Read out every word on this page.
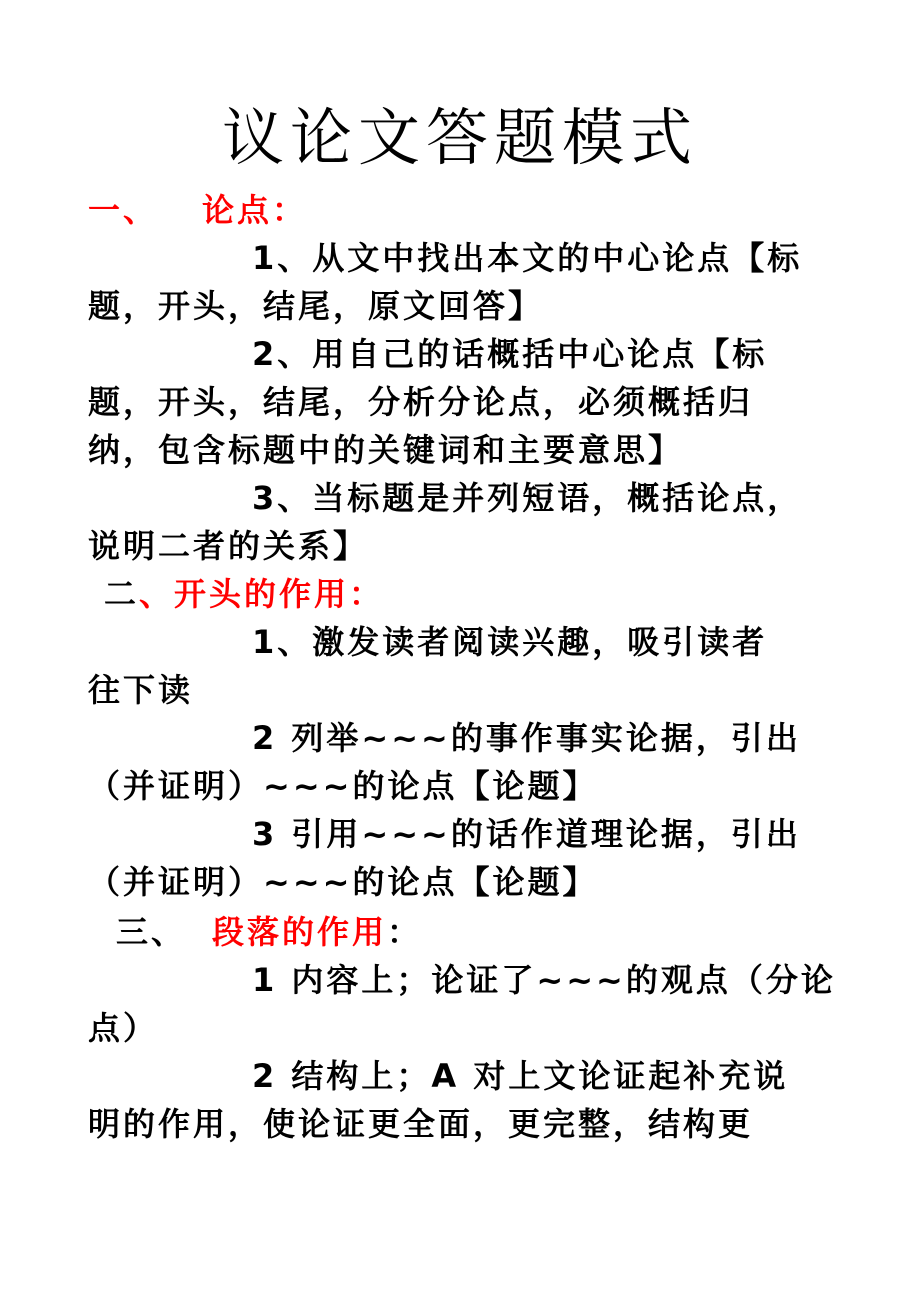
议论文答题模式
一、 论点：
1、从文中找出本文的中心论点【标
题，开头，结尾，原文回答】
2、用自己的话概括中心论点【标
题，开头，结尾，分析分论点，必须概括归
纳，包含标题中的关键词和主要意思】
3、当标题是并列短语，概括论点，
说明二者的关系】
二、开头的作用：
1、激发读者阅读兴趣，吸引读者
往下读
2 列举~~~的事作事实论据，引出
（并证明）~~~的论点【论题】
3 引用~~~的话作道理论据，引出
（并证明）~~~的论点【论题】
三、 段落的作用：
1 内容上；论证了~~~的观点（分论
点）
2 结构上；A 对上文论证起补充说
明的作用，使论证更全面，更完整，结构更
